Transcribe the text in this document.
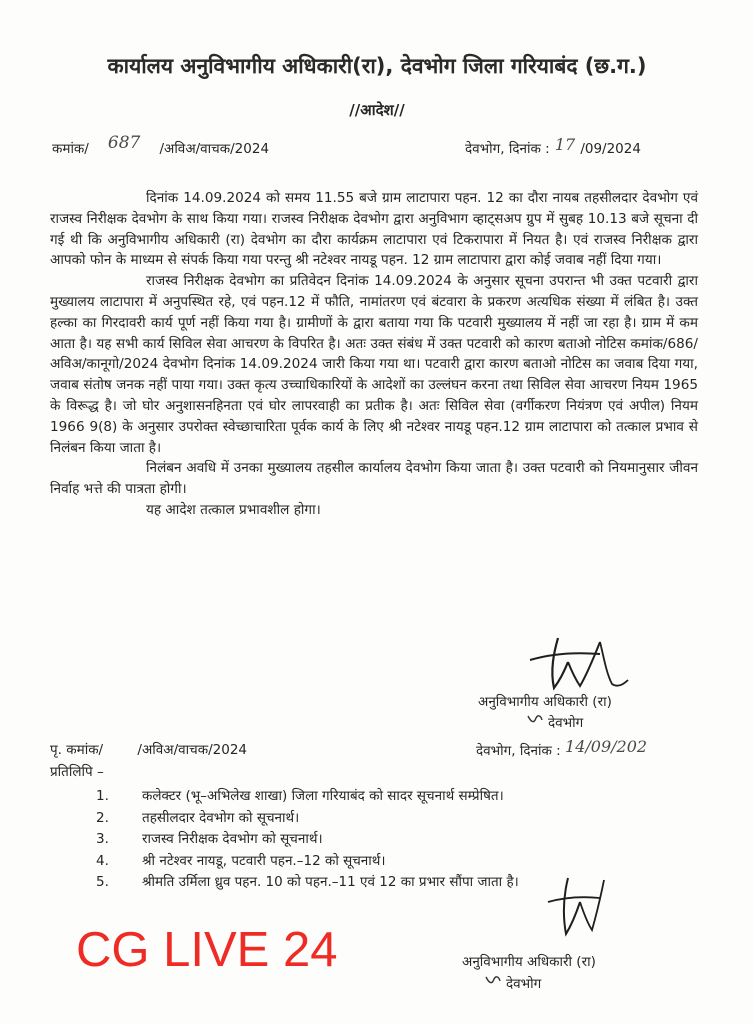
कार्यालय अनुविभागीय अधिकारी(रा), देवभोग जिला गरियाबंद (छ.ग.)
//आदेश//
कमांक/ 687 /अविअ/वाचक/2024	देवभोग, दिनांक : 17 /09/2024

दिनांक 14.09.2024 को समय 11.55 बजे ग्राम लाटापारा पहन. 12 का दौरा नायब तहसीलदार देवभोग एवं राजस्व निरीक्षक देवभोग के साथ किया गया। राजस्व निरीक्षक देवभोग द्वारा अनुविभाग व्हाट्सअप ग्रुप में सुबह 10.13 बजे सूचना दी गई थी कि अनुविभागीय अधिकारी (रा) देवभोग का दौरा कार्यक्रम लाटापारा एवं टिकरापारा में नियत है। एवं राजस्व निरीक्षक द्वारा आपको फोन के माध्यम से संपर्क किया गया परन्तु श्री नटेश्वर नायडू पहन. 12 ग्राम लाटापारा द्वारा कोई जवाब नहीं दिया गया।

राजस्व निरीक्षक देवभोग का प्रतिवेदन दिनांक 14.09.2024 के अनुसार सूचना उपरान्त भी उक्त पटवारी द्वारा मुख्यालय लाटापारा में अनुपस्थित रहे, एवं पहन.12 में फौति, नामांतरण एवं बंटवारा के प्रकरण अत्यधिक संख्या में लंबित है। उक्त हल्का का गिरदावरी कार्य पूर्ण नहीं किया गया है। ग्रामीणों के द्वारा बताया गया कि पटवारी मुख्यालय में नहीं जा रहा है। ग्राम में कम आता है। यह सभी कार्य सिविल सेवा आचरण के विपरित है। अतः उक्त संबंध में उक्त पटवारी को कारण बताओ नोटिस कमांक/686/अविअ/कानूगो/2024 देवभोग दिनांक 14.09.2024 जारी किया गया था। पटवारी द्वारा कारण बताओ नोटिस का जवाब दिया गया, जवाब संतोष जनक नहीं पाया गया। उक्त कृत्य उच्चाधिकारियों के आदेशों का उल्लंघन करना तथा सिविल सेवा आचरण नियम 1965 के विरूद्ध है। जो घोर अनुशासनहिनता एवं घोर लापरवाही का प्रतीक है। अतः सिविल सेवा (वर्गीकरण नियंत्रण एवं अपील) नियम 1966 9(8) के अनुसार उपरोक्त स्वेच्छाचारिता पूर्वक कार्य के लिए श्री नटेश्वर नायडू पहन.12 ग्राम लाटापारा को तत्काल प्रभाव से निलंबन किया जाता है।

निलंबन अवधि में उनका मुख्यालय तहसील कार्यालय देवभोग किया जाता है। उक्त पटवारी को नियमानुसार जीवन निर्वाह भत्ते की पात्रता होगी।

यह आदेश तत्काल प्रभावशील होगा।

अनुविभागीय अधिकारी (रा)
देवभोग
पृ. कमांक/        /अविअ/वाचक/2024	देवभोग, दिनांक : 14/09/202
प्रतिलिपि –
1.	कलेक्टर (भू–अभिलेख शाखा) जिला गरियाबंद को सादर सूचनार्थ सम्प्रेषित।
2.	तहसीलदार देवभोग को सूचनार्थ।
3.	राजस्व निरीक्षक देवभोग को सूचनार्थ।
4.	श्री नटेश्वर नायडू, पटवारी पहन.–12 को सूचनार्थ।
5.	श्रीमति उर्मिला ध्रुव पहन. 10 को पहन.–11 एवं 12 का प्रभार सौंपा जाता है।
अनुविभागीय अधिकारी (रा)
देवभोग
CG LIVE 24
